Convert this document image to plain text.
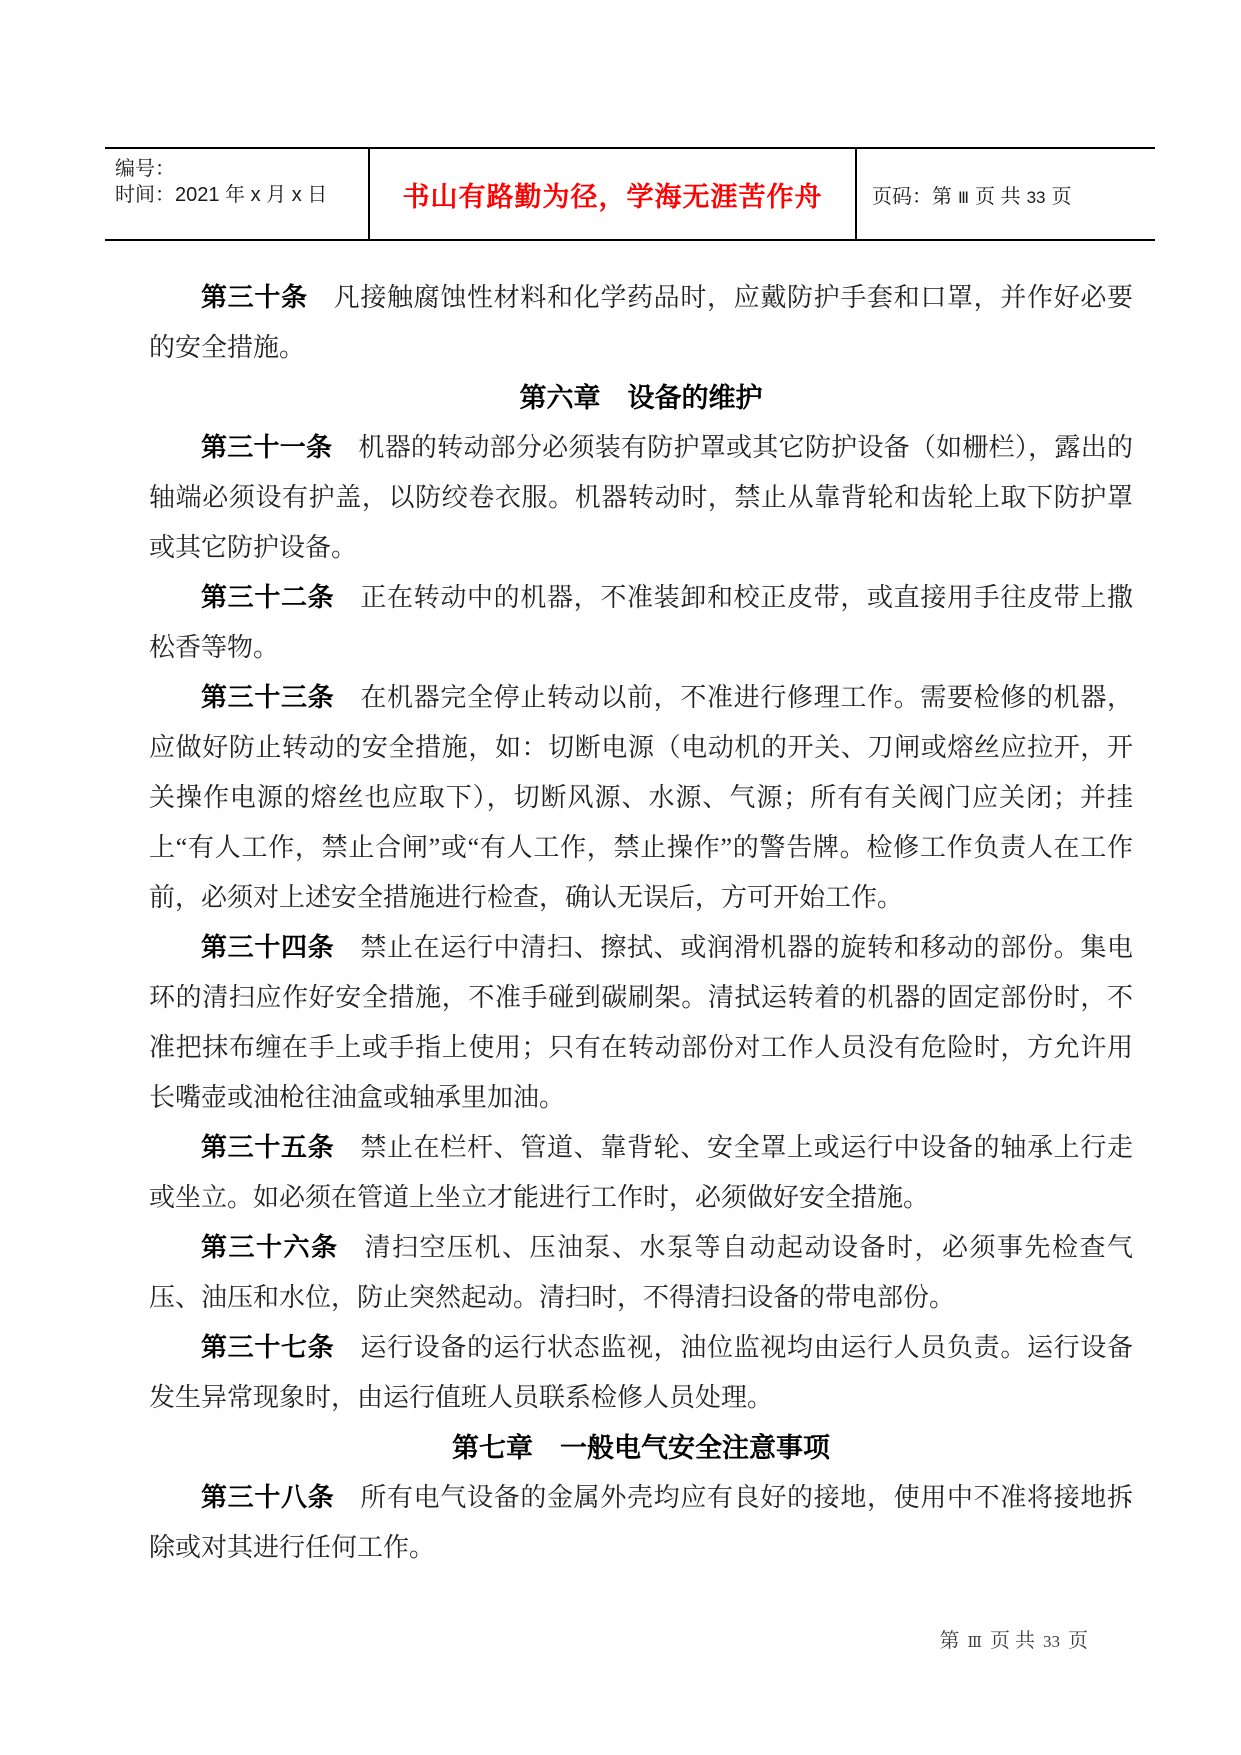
编号：
时间：2021 年 x 月 x 日	书山有路勤为径，学海无涯苦作舟 页码：第 Ⅲ 页 共 33 页

第三十条 凡接触腐蚀性材料和化学药品时，应戴防护手套和口罩，并作好必要的安全措施。

第六章　设备的维护

第三十一条 机器的转动部分必须装有防护罩或其它防护设备（如栅栏），露出的轴端必须设有护盖，以防绞卷衣服。机器转动时，禁止从靠背轮和齿轮上取下防护罩或其它防护设备。

第三十二条 正在转动中的机器，不准装卸和校正皮带，或直接用手往皮带上撒松香等物。

第三十三条 在机器完全停止转动以前，不准进行修理工作。需要检修的机器，应做好防止转动的安全措施，如：切断电源（电动机的开关、刀闸或熔丝应拉开，开关操作电源的熔丝也应取下），切断风源、水源、气源；所有有关阀门应关闭；并挂上“有人工作，禁止合闸”或“有人工作，禁止操作”的警告牌。检修工作负责人在工作前，必须对上述安全措施进行检查，确认无误后，方可开始工作。

第三十四条 禁止在运行中清扫、擦拭、或润滑机器的旋转和移动的部份。集电环的清扫应作好安全措施，不准手碰到碳刷架。清拭运转着的机器的固定部份时，不准把抹布缠在手上或手指上使用；只有在转动部份对工作人员没有危险时，方允许用长嘴壶或油枪往油盒或轴承里加油。

第三十五条 禁止在栏杆、管道、靠背轮、安全罩上或运行中设备的轴承上行走或坐立。如必须在管道上坐立才能进行工作时，必须做好安全措施。

第三十六条 清扫空压机、压油泵、水泵等自动起动设备时，必须事先检查气压、油压和水位，防止突然起动。清扫时，不得清扫设备的带电部份。

第三十七条 运行设备的运行状态监视，油位监视均由运行人员负责。运行设备发生异常现象时，由运行值班人员联系检修人员处理。

第七章　一般电气安全注意事项

第三十八条 所有电气设备的金属外壳均应有良好的接地，使用中不准将接地拆除或对其进行任何工作。

第 Ⅲ 页 共 33 页
